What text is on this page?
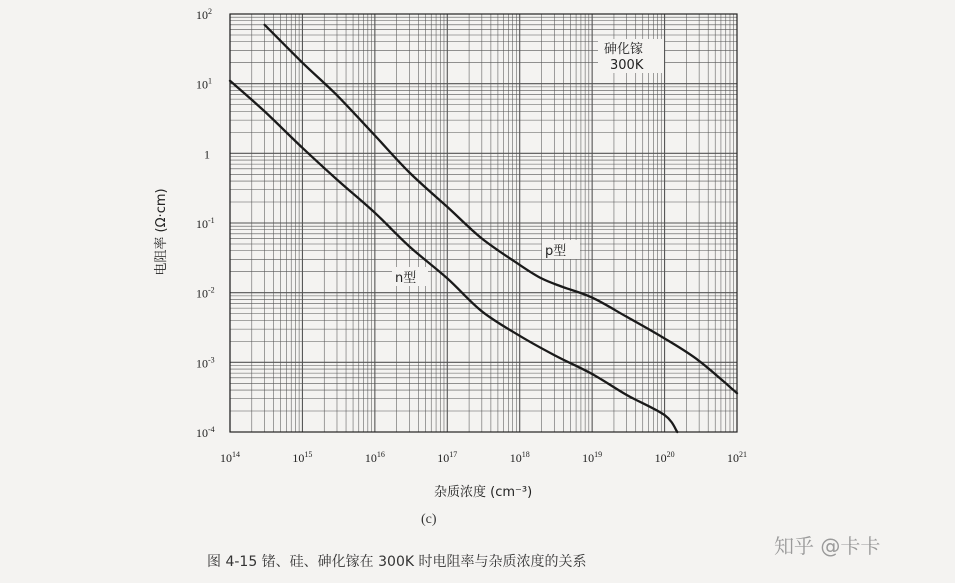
$10^{14}$	$10^{15}$	$10^{16}$	$10^{17}$	$10^{18}$	$10^{19}$	$10^{20}$	$10^{21}$
$10^2$
$10^1$
1
$10^{-1}$
$10^{-2}$
$10^{-3}$
$10^{-4}$
杂质浓度 (cm⁻³)
电阻率 (Ω·cm)
砷化镓
300K
p型
n型
(c)
图 4-15 锗、硅、砷化镓在 300K 时电阻率与杂质浓度的关系
知乎 @卡卡
